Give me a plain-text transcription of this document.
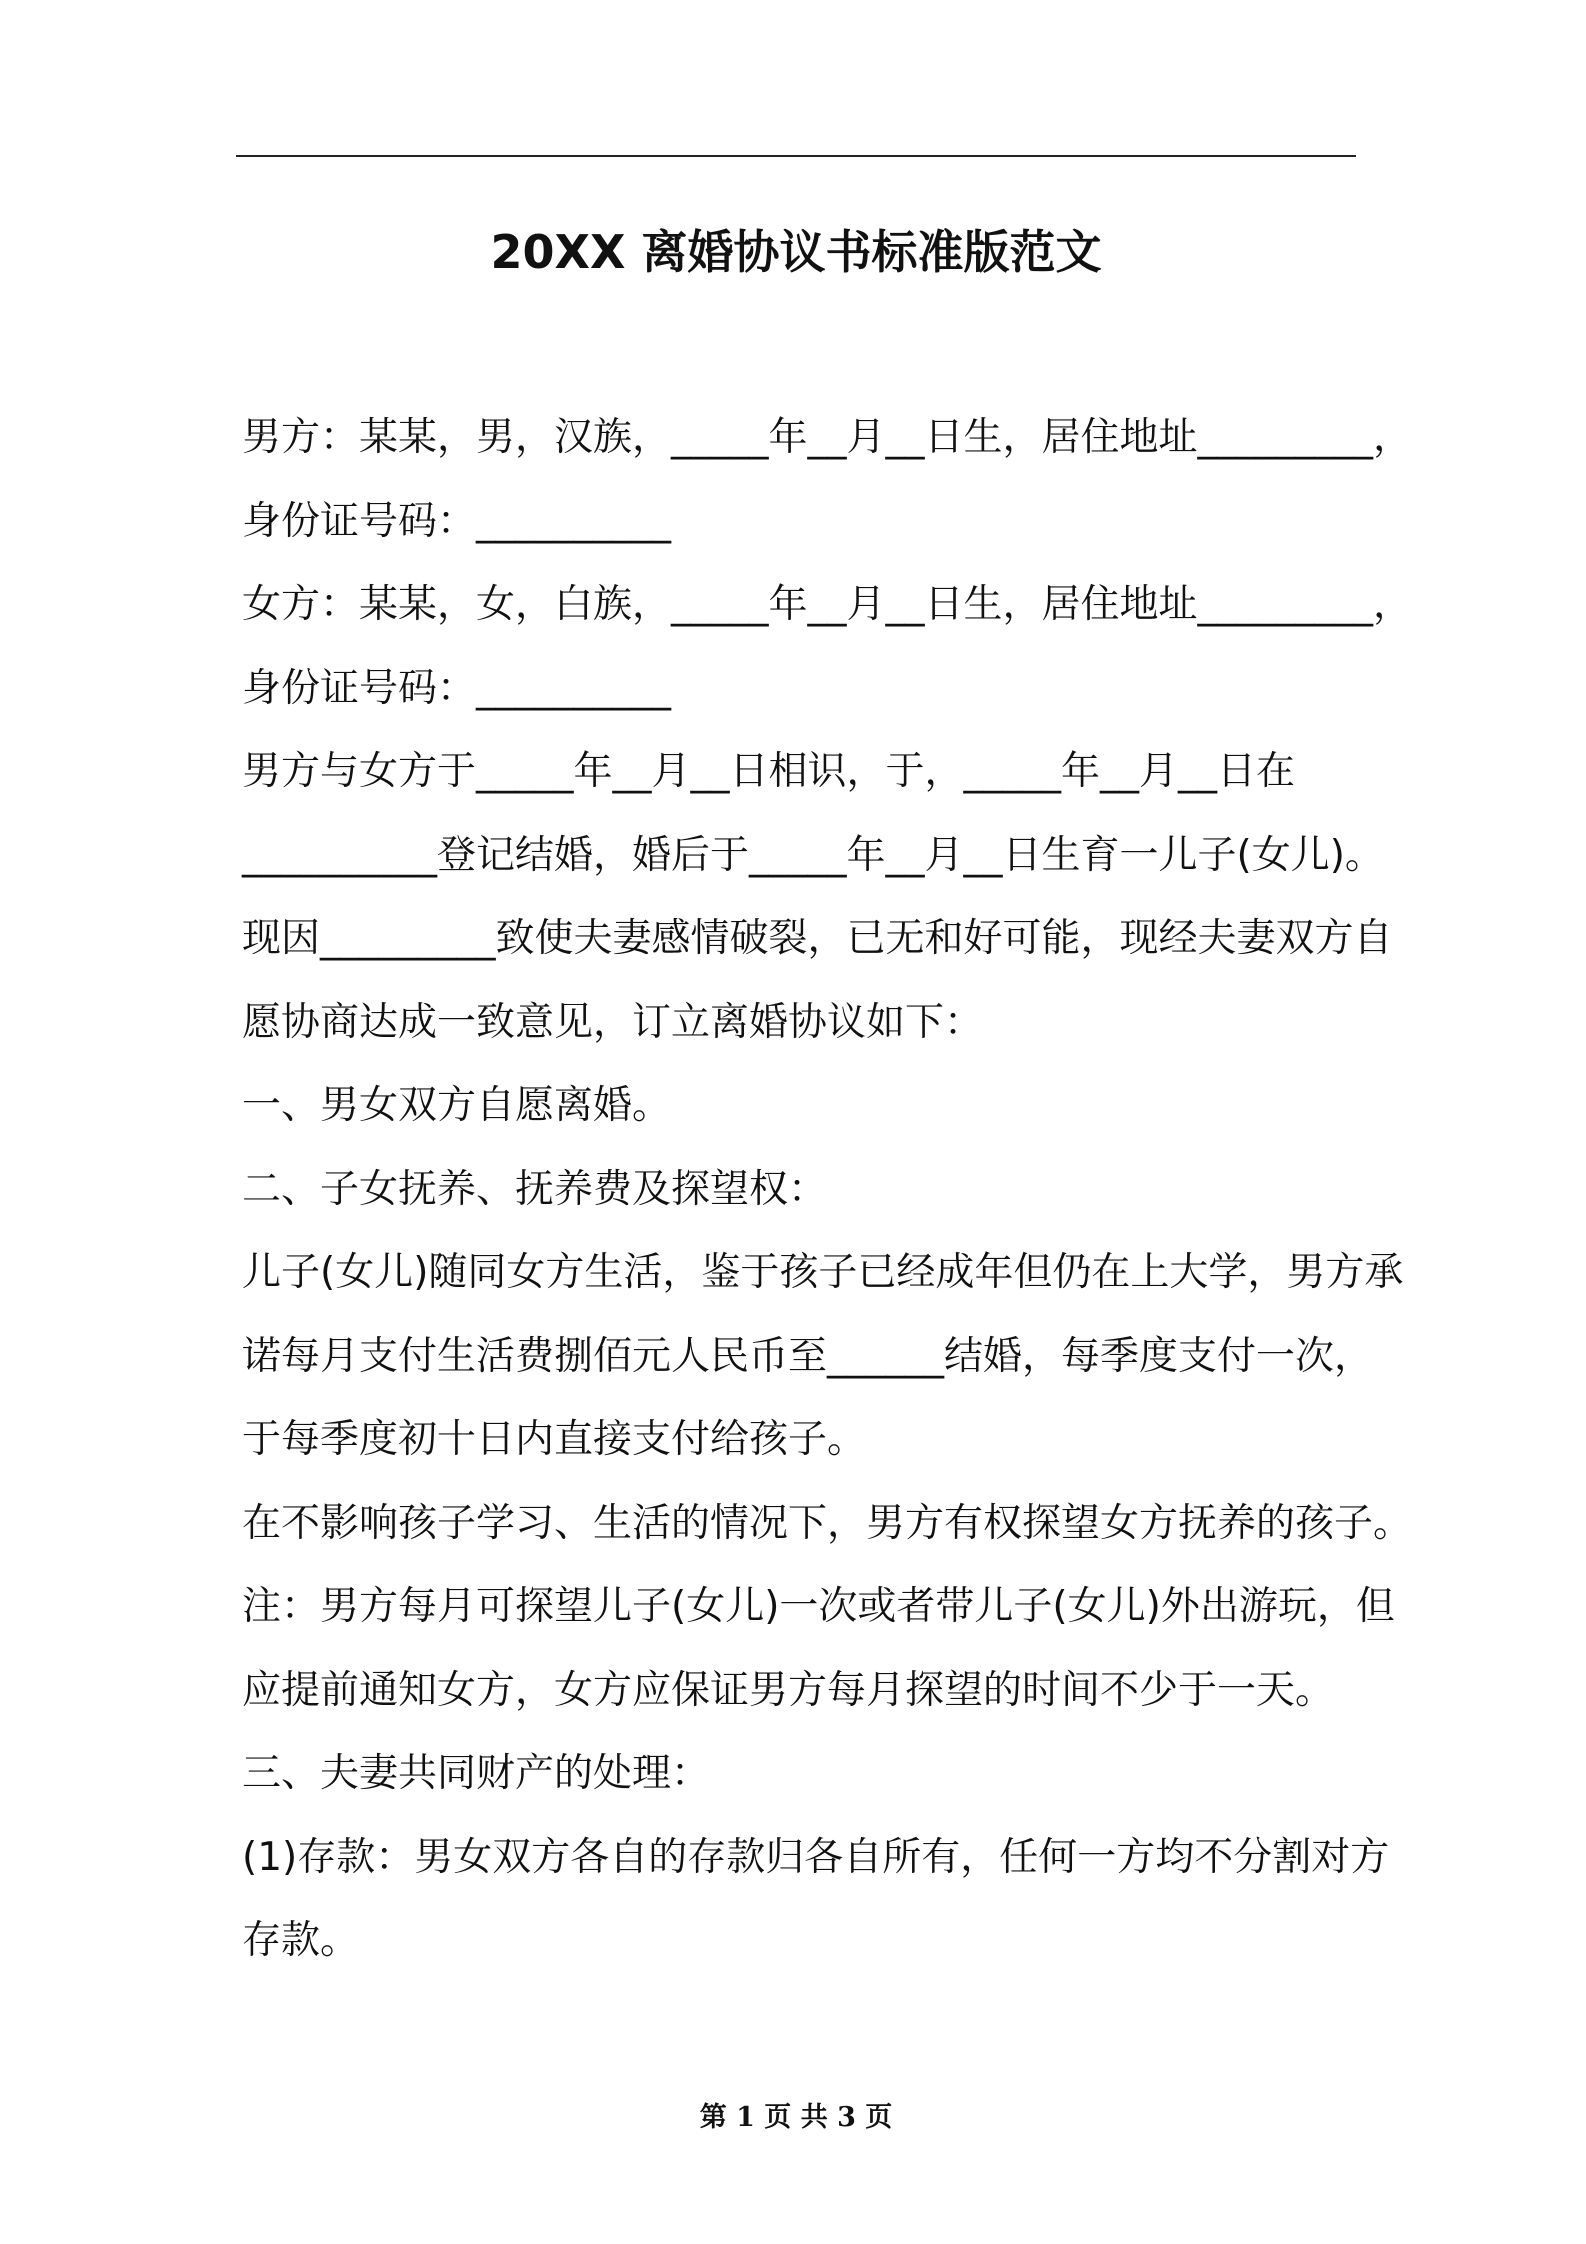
20XX 离婚协议书标准版范文
男方：某某，男，汉族，_____年__月__日生，居住地址_________，
身份证号码：__________
女方：某某，女，白族，_____年__月__日生，居住地址_________，
身份证号码：__________
男方与女方于_____年__月__日相识，于，_____年__月__日在
__________登记结婚，婚后于_____年__月__日生育一儿子(女儿)。
现因_________致使夫妻感情破裂，已无和好可能，现经夫妻双方自
愿协商达成一致意见，订立离婚协议如下：
一、男女双方自愿离婚。
二、子女抚养、抚养费及探望权：
儿子(女儿)随同女方生活，鉴于孩子已经成年但仍在上大学，男方承
诺每月支付生活费捌佰元人民币至______结婚，每季度支付一次，
于每季度初十日内直接支付给孩子。
在不影响孩子学习、生活的情况下，男方有权探望女方抚养的孩子。
注：男方每月可探望儿子(女儿)一次或者带儿子(女儿)外出游玩，但
应提前通知女方，女方应保证男方每月探望的时间不少于一天。
三、夫妻共同财产的处理：
(1)存款：男女双方各自的存款归各自所有，任何一方均不分割对方
存款。
第 1 页 共 3 页
